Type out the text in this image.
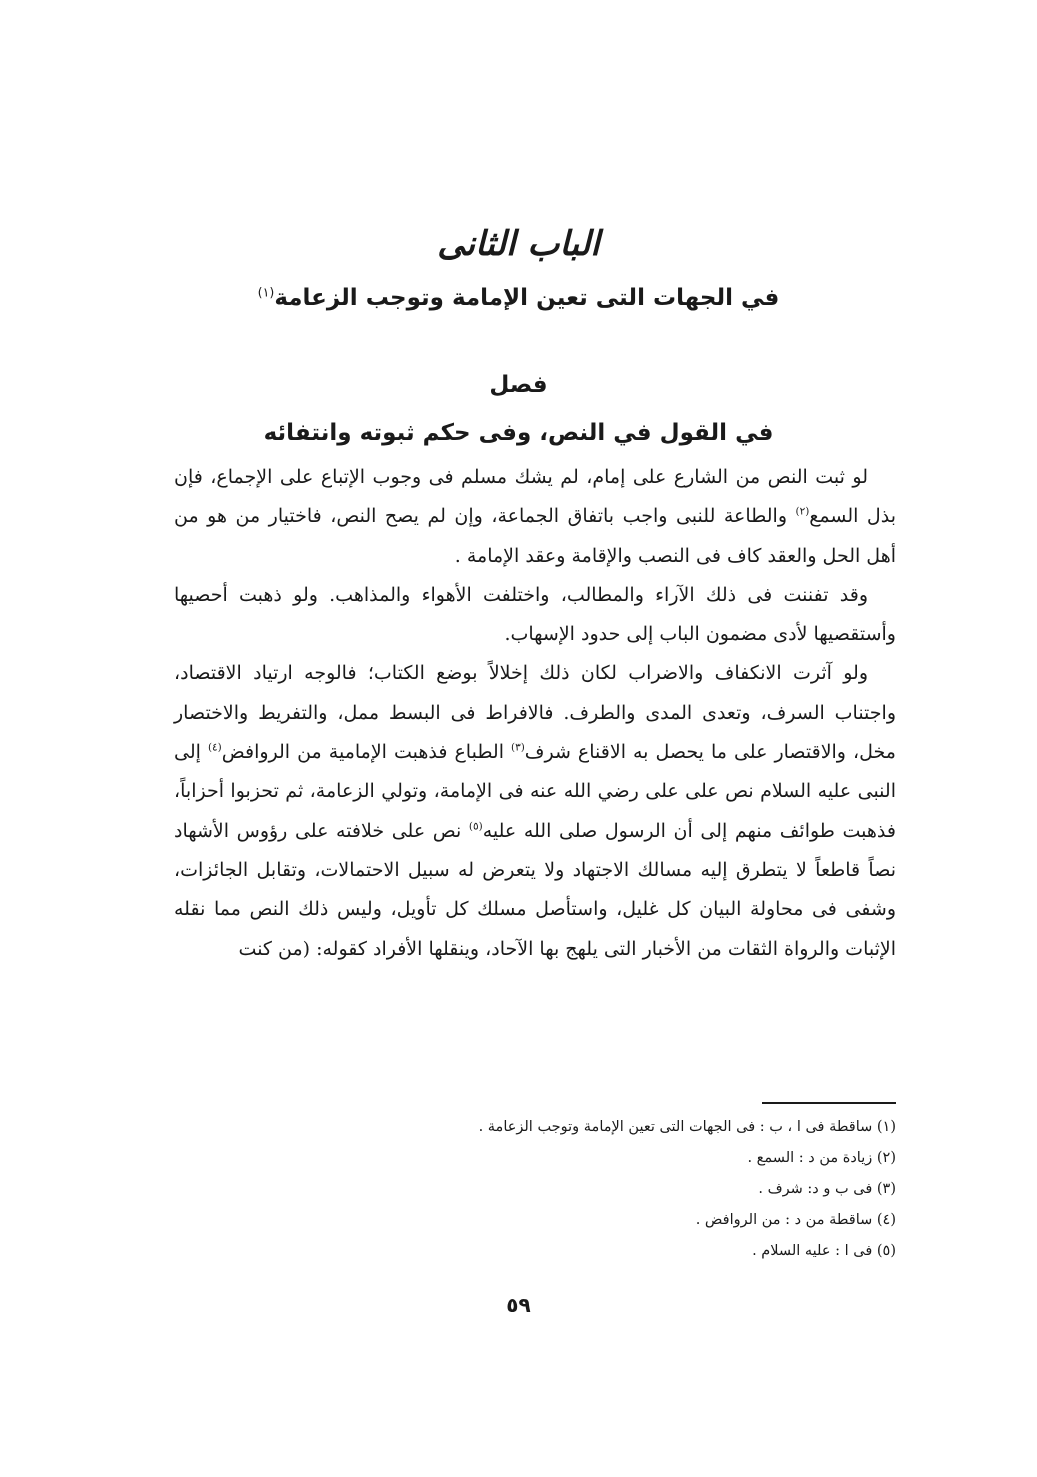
الباب الثانى
في الجهات التى تعين الإمامة وتوجب الزعامة$^{(١)}$
فصل
في القول في النص، وفى حكم ثبوته وانتفائه

لو ثبت النص من الشارع على إمام، لم يشك مسلم فى وجوب الإتباع على الإجماع، فإن بذل السمع$^{(٢)}$ والطاعة للنبى واجب باتفاق الجماعة، وإن لم يصح النص، فاختيار من هو من أهل الحل والعقد كاف فى النصب والإقامة وعقد الإمامة .

وقد تفننت فى ذلك الآراء والمطالب، واختلفت الأهواء والمذاهب. ولو ذهبت أحصيها وأستقصيها لأدى مضمون الباب إلى حدود الإسهاب.

ولو آثرت الانكفاف والاضراب لكان ذلك إخلالاً بوضع الكتاب؛ فالوجه ارتياد الاقتصاد، واجتناب السرف، وتعدى المدى والطرف. فالافراط فى البسط ممل، والتفريط والاختصار مخل، والاقتصار على ما يحصل به الاقناع شرف$^{(٣)}$ الطباع فذهبت الإمامية من الروافض$^{(٤)}$ إلى النبى عليه السلام نص على على رضي الله عنه فى الإمامة، وتولي الزعامة، ثم تحزبوا أحزاباً، فذهبت طوائف منهم إلى أن الرسول صلى الله عليه$^{(٥)}$ نص على خلافته على رؤوس الأشهاد نصاً قاطعاً لا يتطرق إليه مسالك الاجتهاد ولا يتعرض له سبيل الاحتمالات، وتقابل الجائزات، وشفى فى محاولة البيان كل غليل، واستأصل مسلك كل تأويل، وليس ذلك النص مما نقله الإثبات والرواة الثقات من الأخبار التى يلهج بها الآحاد، وينقلها الأفراد كقوله: (من كنت

(١) ساقطة فى ا ، ب : فى الجهات التى تعين الإمامة وتوجب الزعامة .
(٢) زيادة من د : السمع .
(٣) فى ب و د: شرف .
(٤) ساقطة من د : من الروافض .
(٥) فى ا : عليه السلام .
٥٩
